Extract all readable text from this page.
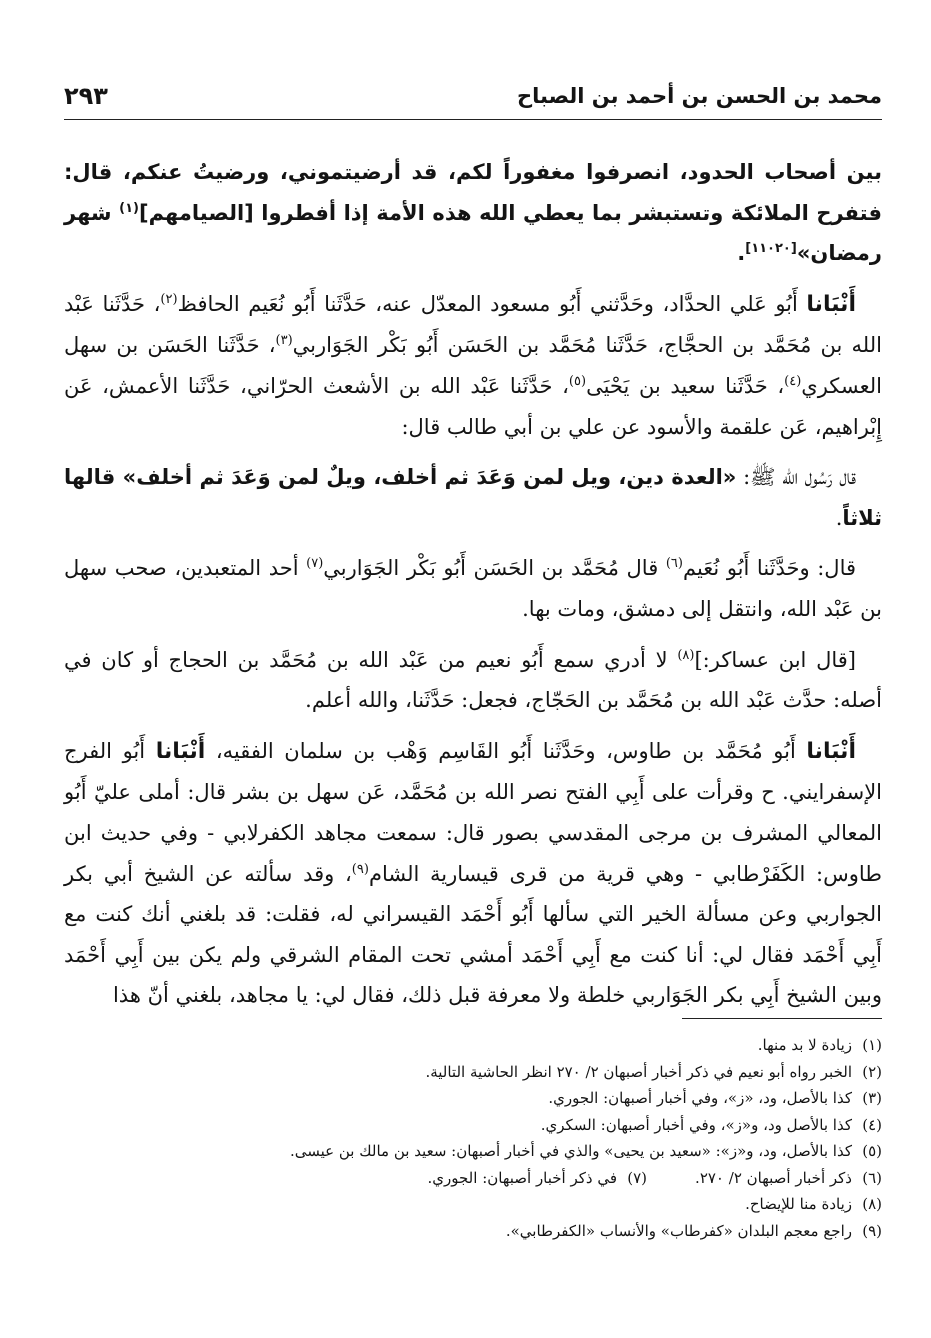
محمد بن الحسن بن أحمد بن الصباح
٢٩٣

بين أصحاب الحدود، انصرفوا مغفوراً لكم، قد أرضيتموني، ورضيتُ عنكم، قال: فتفرح الملائكة وتستبشر بما يعطي الله هذه الأمة إذا أفطروا [الصيامهم]$^{(١)}$ شهر رمضان»[١١٠٢٠].

أَنْبَانا أَبُو عَلي الحدَّاد، وحَدَّثني أَبُو مسعود المعدّل عنه، حَدَّثَنا أَبُو نُعَيم الحافظ$^{(٢)}$، حَدَّثَنا عَبْد الله بن مُحَمَّد بن الحجَّاج، حَدَّثَنا مُحَمَّد بن الحَسَن أَبُو بَكْر الجَوَاربي$^{(٣)}$، حَدَّثَنا الحَسَن بن سهل العسكري$^{(٤)}$، حَدَّثَنا سعيد بن يَحْيَى$^{(٥)}$، حَدَّثَنا عَبْد الله بن الأشعث الحرّاني، حَدَّثَنا الأعمش، عَن إِبْراهيم، عَن علقمة والأسود عن علي بن أبي طالب قال:

قال رَسُول الله ﷺ: «العدة دين، ويل لمن وَعَدَ ثم أخلف، ويلٌ لمن وَعَدَ ثم أخلف» قالها ثلاثاً.

قال: وحَدَّثَنا أَبُو نُعَيم$^{(٦)}$ قال مُحَمَّد بن الحَسَن أَبُو بَكْر الجَوَاربي$^{(٧)}$ أحد المتعبدين، صحب سهل بن عَبْد الله، وانتقل إلى دمشق، ومات بها.

[قال ابن عساكر:]$^{(٨)}$ لا أدري سمع أَبُو نعيم من عَبْد الله بن مُحَمَّد بن الحجاج أو كان في أصله: حدَّث عَبْد الله بن مُحَمَّد بن الحَجّاج، فجعل: حَدَّثَنا، والله أعلم.

أَنْبَانا أَبُو مُحَمَّد بن طاوس، وحَدَّثَنا أَبُو القَاسِم وَهْب بن سلمان الفقيه، أَنْبَانا أَبُو الفرج الإسفرايني. ح وقرأت على أَبِي الفتح نصر الله بن مُحَمَّد، عَن سهل بن بشر قال: أملى عليّ أَبُو المعالي المشرف بن مرجى المقدسي بصور قال: سمعت مجاهد الكفرلابي - وفي حديث ابن طاوس: الكَفَرْطابي - وهي قرية من قرى قيسارية الشام$^{(٩)}$، وقد سألته عن الشيخ أبي بكر الجواربي وعن مسألة الخير التي سألها أَبُو أَحْمَد القيسراني له، فقلت: قد بلغني أنك كنت مع أَبِي أَحْمَد فقال لي: أنا كنت مع أَبِي أَحْمَد أمشي تحت المقام الشرقي ولم يكن بين أَبِي أَحْمَد وبين الشيخ أَبِي بكر الجَوَاربي خلطة ولا معرفة قبل ذلك، فقال لي: يا مجاهد، بلغني أنّ هذا

(١)
زيادة لا بد منها.
(٢)
الخبر رواه أبو نعيم في ذكر أخبار أصبهان ٢/ ٢٧٠ انظر الحاشية التالية.
(٣)
كذا بالأصل، ود، «ز»، وفي أخبار أصبهان: الجوري.
(٤)
كذا بالأصل ود، و«ز»، وفي أخبار أصبهان: السكري.
(٥)
كذا بالأصل، ود، و«ز»: «سعيد بن يحيى» والذي في أخبار أصبهان: سعيد بن مالك بن عيسى.
(٦)
ذكر أخبار أصبهان ٢/ ٢٧٠.
(٧)
في ذكر أخبار أصبهان: الجوري.
(٨)
زيادة منا للإيضاح.
(٩)
راجع معجم البلدان «كفرطاب» والأنساب «الكفرطابي».
